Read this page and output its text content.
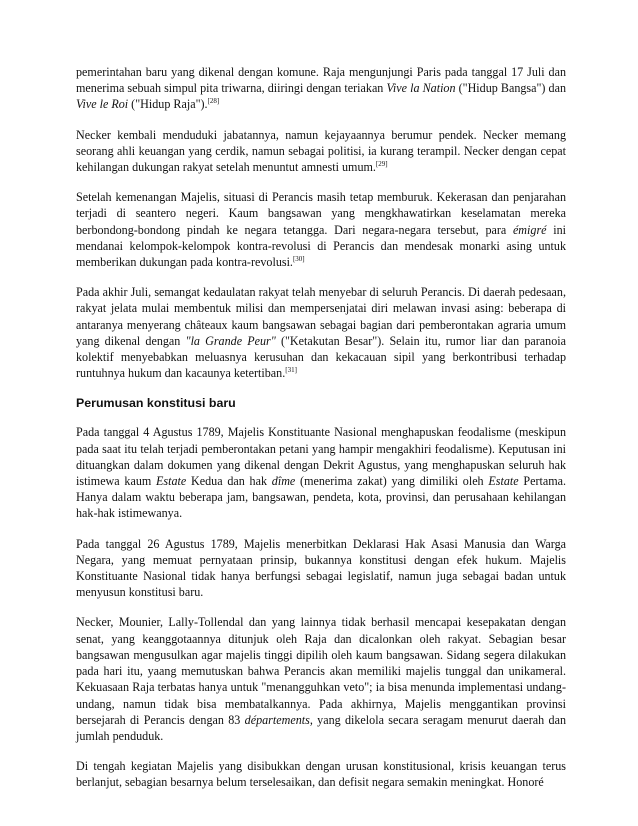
pemerintahan baru yang dikenal dengan komune. Raja mengunjungi Paris pada tanggal 17 Juli dan menerima sebuah simpul pita triwarna, diiringi dengan teriakan Vive la Nation ("Hidup Bangsa") dan Vive le Roi ("Hidup Raja").[28]

Necker kembali menduduki jabatannya, namun kejayaannya berumur pendek. Necker memang seorang ahli keuangan yang cerdik, namun sebagai politisi, ia kurang terampil. Necker dengan cepat kehilangan dukungan rakyat setelah menuntut amnesti umum.[29]

Setelah kemenangan Majelis, situasi di Perancis masih tetap memburuk. Kekerasan dan penjarahan terjadi di seantero negeri. Kaum bangsawan yang mengkhawatirkan keselamatan mereka berbondong-bondong pindah ke negara tetangga. Dari negara-negara tersebut, para émigré ini mendanai kelompok-kelompok kontra-revolusi di Perancis dan mendesak monarki asing untuk memberikan dukungan pada kontra-revolusi.[30]

Pada akhir Juli, semangat kedaulatan rakyat telah menyebar di seluruh Perancis. Di daerah pedesaan, rakyat jelata mulai membentuk milisi dan mempersenjatai diri melawan invasi asing: beberapa di antaranya menyerang châteaux kaum bangsawan sebagai bagian dari pemberontakan agraria umum yang dikenal dengan "la Grande Peur" ("Ketakutan Besar"). Selain itu, rumor liar dan paranoia kolektif menyebabkan meluasnya kerusuhan dan kekacauan sipil yang berkontribusi terhadap runtuhnya hukum dan kacaunya ketertiban.[31]

Perumusan konstitusi baru

Pada tanggal 4 Agustus 1789, Majelis Konstituante Nasional menghapuskan feodalisme (meskipun pada saat itu telah terjadi pemberontakan petani yang hampir mengakhiri feodalisme). Keputusan ini dituangkan dalam dokumen yang dikenal dengan Dekrit Agustus, yang menghapuskan seluruh hak istimewa kaum Estate Kedua dan hak dîme (menerima zakat) yang dimiliki oleh Estate Pertama. Hanya dalam waktu beberapa jam, bangsawan, pendeta, kota, provinsi, dan perusahaan kehilangan hak-hak istimewanya.

Pada tanggal 26 Agustus 1789, Majelis menerbitkan Deklarasi Hak Asasi Manusia dan Warga Negara, yang memuat pernyataan prinsip, bukannya konstitusi dengan efek hukum. Majelis Konstituante Nasional tidak hanya berfungsi sebagai legislatif, namun juga sebagai badan untuk menyusun konstitusi baru.

Necker, Mounier, Lally-Tollendal dan yang lainnya tidak berhasil mencapai kesepakatan dengan senat, yang keanggotaannya ditunjuk oleh Raja dan dicalonkan oleh rakyat. Sebagian besar bangsawan mengusulkan agar majelis tinggi dipilih oleh kaum bangsawan. Sidang segera dilakukan pada hari itu, yaang memutuskan bahwa Perancis akan memiliki majelis tunggal dan unikameral. Kekuasaan Raja terbatas hanya untuk "menangguhkan veto"; ia bisa menunda implementasi undang-undang, namun tidak bisa membatalkannya. Pada akhirnya, Majelis menggantikan provinsi bersejarah di Perancis dengan 83 départements, yang dikelola secara seragam menurut daerah dan jumlah penduduk.

Di tengah kegiatan Majelis yang disibukkan dengan urusan konstitusional, krisis keuangan terus berlanjut, sebagian besarnya belum terselesaikan, dan defisit negara semakin meningkat. Honoré
